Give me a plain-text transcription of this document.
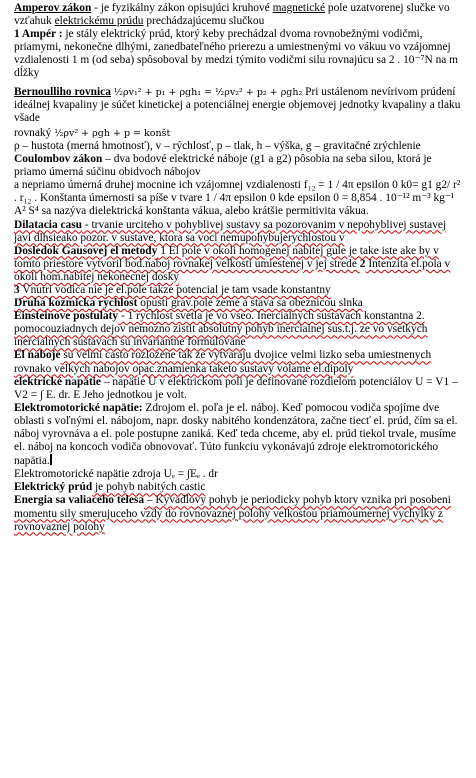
Amperov zákon - je fyzikálny zákon opisujúci kruhové magnetické pole uzatvorenej slučke vo vzťahuk elektrickému prúdu prechádzajúcemu slučkou

1 Ampér : je stály elektrický prúd, ktorý keby prechádzal dvoma rovnobežnými vodičmi, priamymi, nekonečne dlhými, zanedbateľného prierezu a umiestnenými vo vákuu vo vzájomnej vzdialenosti 1 m (od seba) spôsoboval by medzi týmito vodičmi silu rovnajúcu sa 2 . 10⁻⁷N na m dĺžky

Bernoulliho rovnica ½ρv₁² + p₁ + ρgh₁ = ½ρv₂² + p₂ + ρgh₂ Pri ustálenom nevírivom prúdení ideálnej kvapaliny je súčet kinetickej a potenciálnej energie objemovej jednotky kvapaliny a tlaku všade

rovnaký ½ρv² + ρgh + p = konšt

ρ – hustota (merná hmotnosť), v – rýchlosť, p – tlak, h – výška, g – gravitačné zrýchlenie

Coulombov zákon – dva bodové elektrické náboje (g1 a g2) pôsobia na seba silou, ktorá je priamo úmerná súčinu obidvoch nábojov

a nepriamo úmerná druhej mocnine ich vzájomnej vzdialenosti f₁₂ = 1 / 4π epsilon 0 k0= g1 g2/ r² . r₁₂ . Konštanta úmernosti sa píše v tvare 1 / 4π epsilon 0 kde epsilon 0 = 8,854 . 10⁻¹² m⁻³ kg⁻¹ A² S⁴ sa nazýva dielektrická konštanta vákua, alebo krátšie permitivita vákua.

Dilatacia casu - trvanie urciteho v pohyblivej sustavy sa pozorovanim v nepohyblivej sustavej javi dlhsieako pozor. v sustave, ktora sa voci nemupohybujerychlostou v

Dosledok Gausovej el metody 1 El pole v okoli homogenej nabitej gule je take iste ake by v tomto priestore vytvoril bod.naboj rovnakej velkosti umiestenej v jej strede 2 Intenzita el.pola v okoli hom.nabitej nekonecnej dosky

3 Vnutri vodica nie je el.pole takze potencial je tam vsade konstantny

Druha kozmicka rychlost opusti grav.pole zeme a stava sa obeznicou slnka

Einsteinove postulaty - 1 rychlost svetla je vo vseo. Inercialnych sustavach konstantna 2. pomocouziadnych dejov nemozno zistit absolutny pohyb inercialnej sus.t.j. ze vo vsetkych inercialnych sustavach su invariantne formulovane

El naboje su velmi casto rozlozene tak ze vytvaraju dvojice velmi lizko seba umiestnenych rovnako velkych nabojov opac.znamienka taketo sustavy volame el.dipoly

elektrické napätie – napätie U v elektrickom poli je definované rozdielom potenciálov U = V1 – V2 = ∫ E. dr. E Jeho jednotkou je volt.

Elektromotorické napätie: Zdrojom el. poľa je el. náboj. Keď pomocou vodiča spojíme dve oblasti s voľnými el. nábojom, napr. dosky nabitého kondenzátora, začne tiecť el. prúd, čím sa el. náboj vyrovnáva a el. pole postupne zaniká. Keď teda chceme, aby el. prúd tiekol trvale, musíme el. náboj na koncoch vodiča obnovovať. Túto funkciu vykonávajú zdroje elektromotorického napätia.

Elektromotorické napätie zdroja Uₑ = ∫Eₑ . dr

Elektrický prúd je pohyb nabitých castic

Energia sa valiaceho telesa – Kyvadlovy pohyb je periodicky pohyb ktory vznika pri posobeni momentu sily smerujuceho vzdy do rovnovaznej polohy velkostou priamoumernej vychylky z rovnovaznej polohy
